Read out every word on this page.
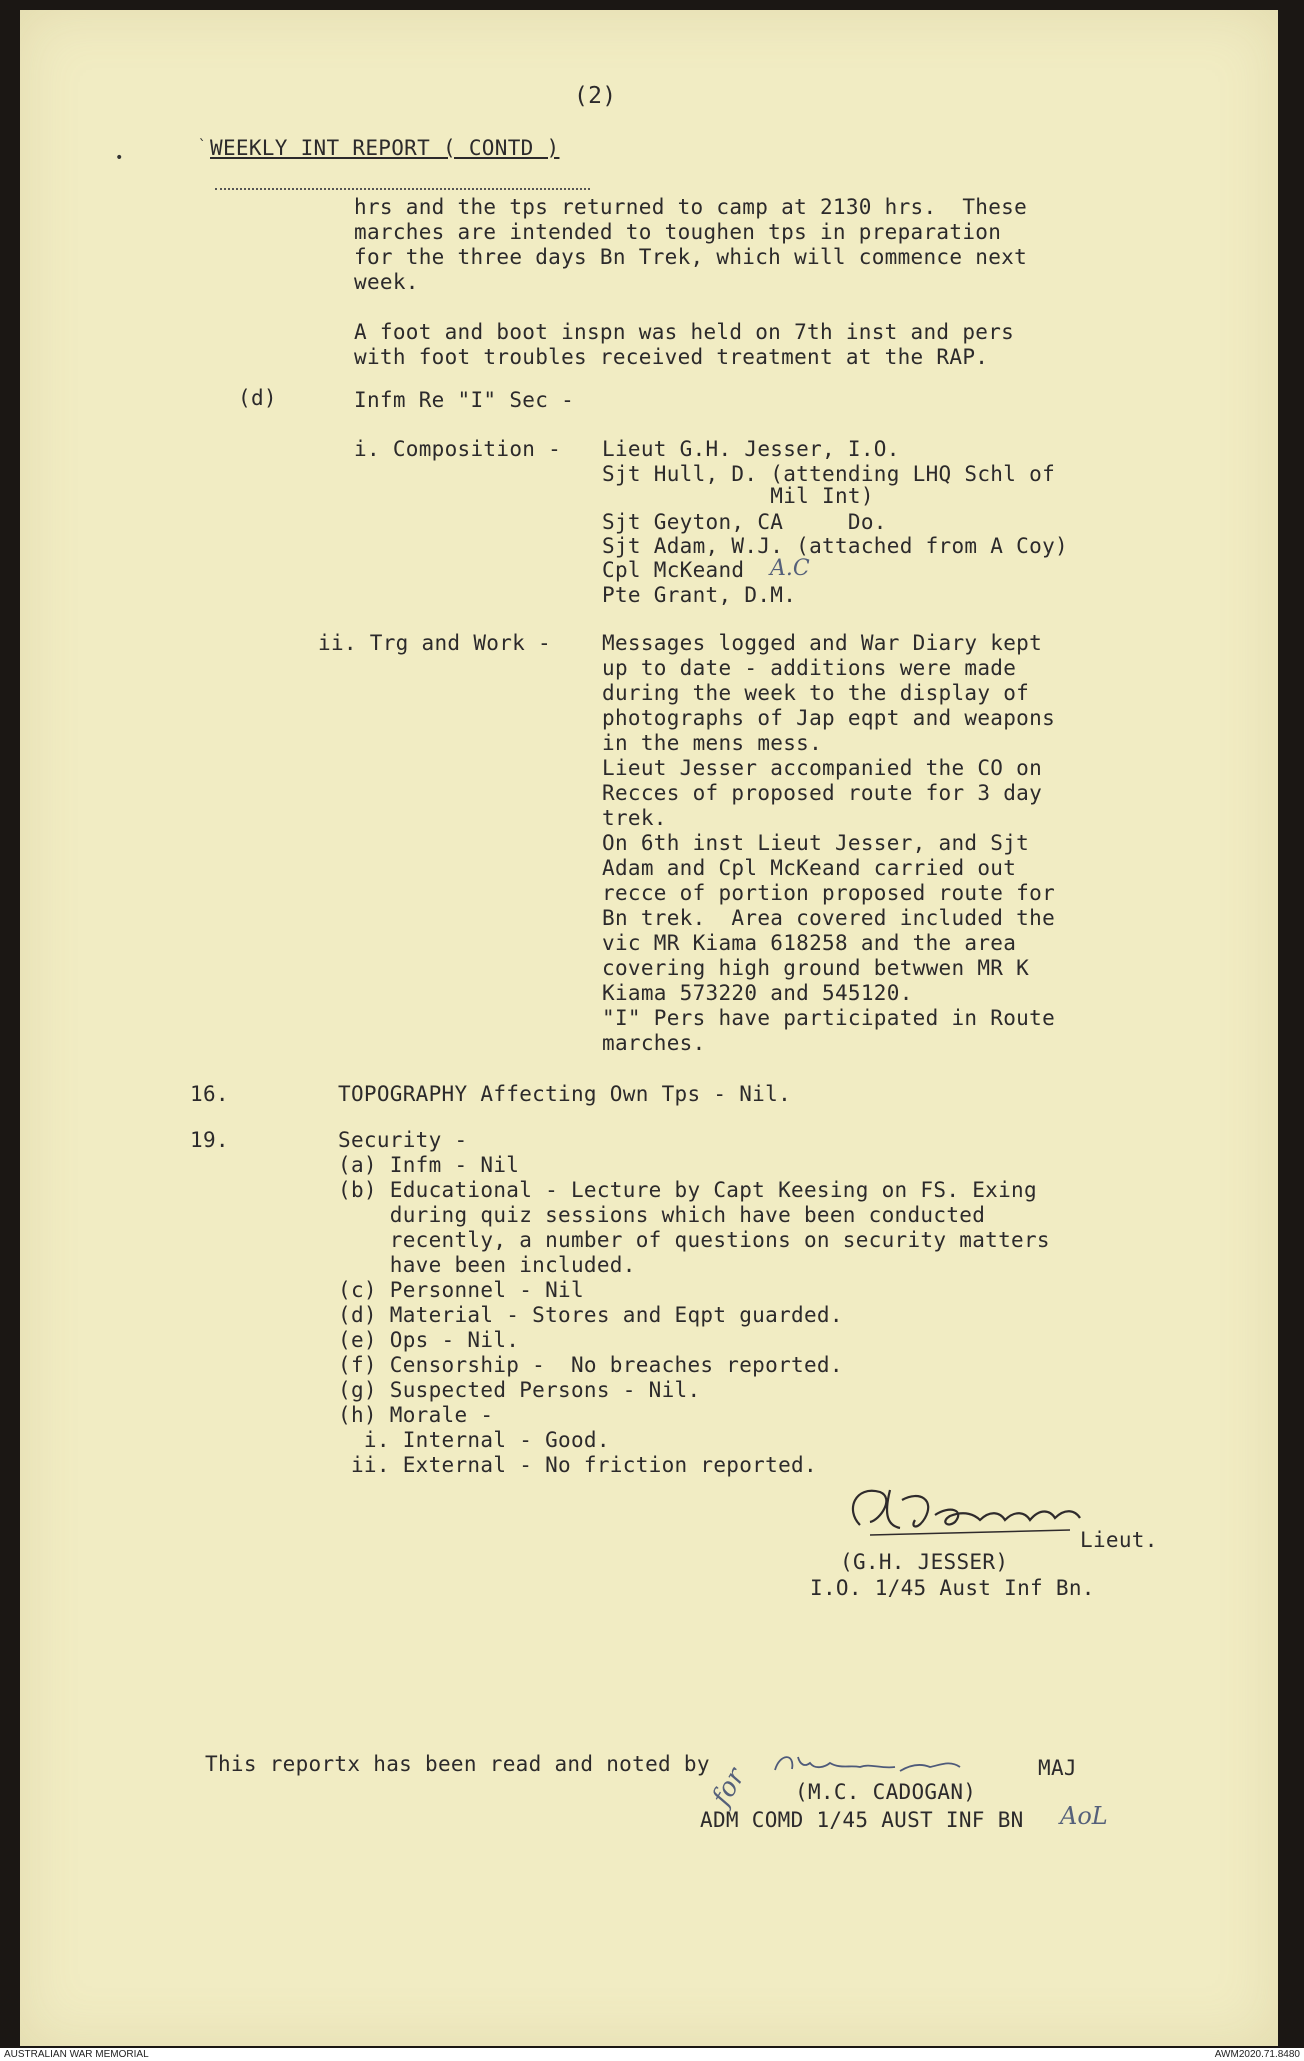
•
`
(2)
WEEKLY INT REPORT ( CONTD )
hrs and the tps returned to camp at 2130 hrs.  These
marches are intended to toughen tps in preparation
for the three days Bn Trek, which will commence next
week.
A foot and boot inspn was held on 7th inst and pers
with foot troubles received treatment at the RAP.
(d)	Infm Re "I" Sec -
i. Composition - Lieut G.H. Jesser, I.O.
Sjt Hull, D. (attending LHQ Schl of
Mil Int)
Sjt Geyton, CA     Do.
Sjt Adam, W.J. (attached from A Coy)
Cpl McKeand A.C
Pte Grant, D.M.
ii. Trg and Work - Messages logged and War Diary kept
up to date - additions were made
during the week to the display of
photographs of Jap eqpt and weapons
in the mens mess.
Lieut Jesser accompanied the CO on
Recces of proposed route for 3 day
trek.
On 6th inst Lieut Jesser, and Sjt
Adam and Cpl McKeand carried out
recce of portion proposed route for
Bn trek.  Area covered included the
vic MR Kiama 618258 and the area
covering high ground betwwen MR K
Kiama 573220 and 545120.
"I" Pers have participated in Route
marches.
16.	TOPOGRAPHY Affecting Own Tps - Nil.
19.	Security -
(a) Infm - Nil
(b) Educational - Lecture by Capt Keesing on FS. Exing
during quiz sessions which have been conducted
recently, a number of questions on security matters
have been included.
(c) Personnel - Nil
(d) Material - Stores and Eqpt guarded.
(e) Ops - Nil.
(f) Censorship -  No breaches reported.
(g) Suspected Persons - Nil.
(h) Morale -
i. Internal - Good.
ii. External - No friction reported.
Lieut.
(G.H. JESSER)
I.O. 1/45 Aust Inf Bn.
This reportx has been read and noted by
for	MAJ
(M.C. CADOGAN)
ADM COMD 1/45 AUST INF BN AoL
AUSTRALIAN WAR MEMORIAL	AWM2020.71.8480
